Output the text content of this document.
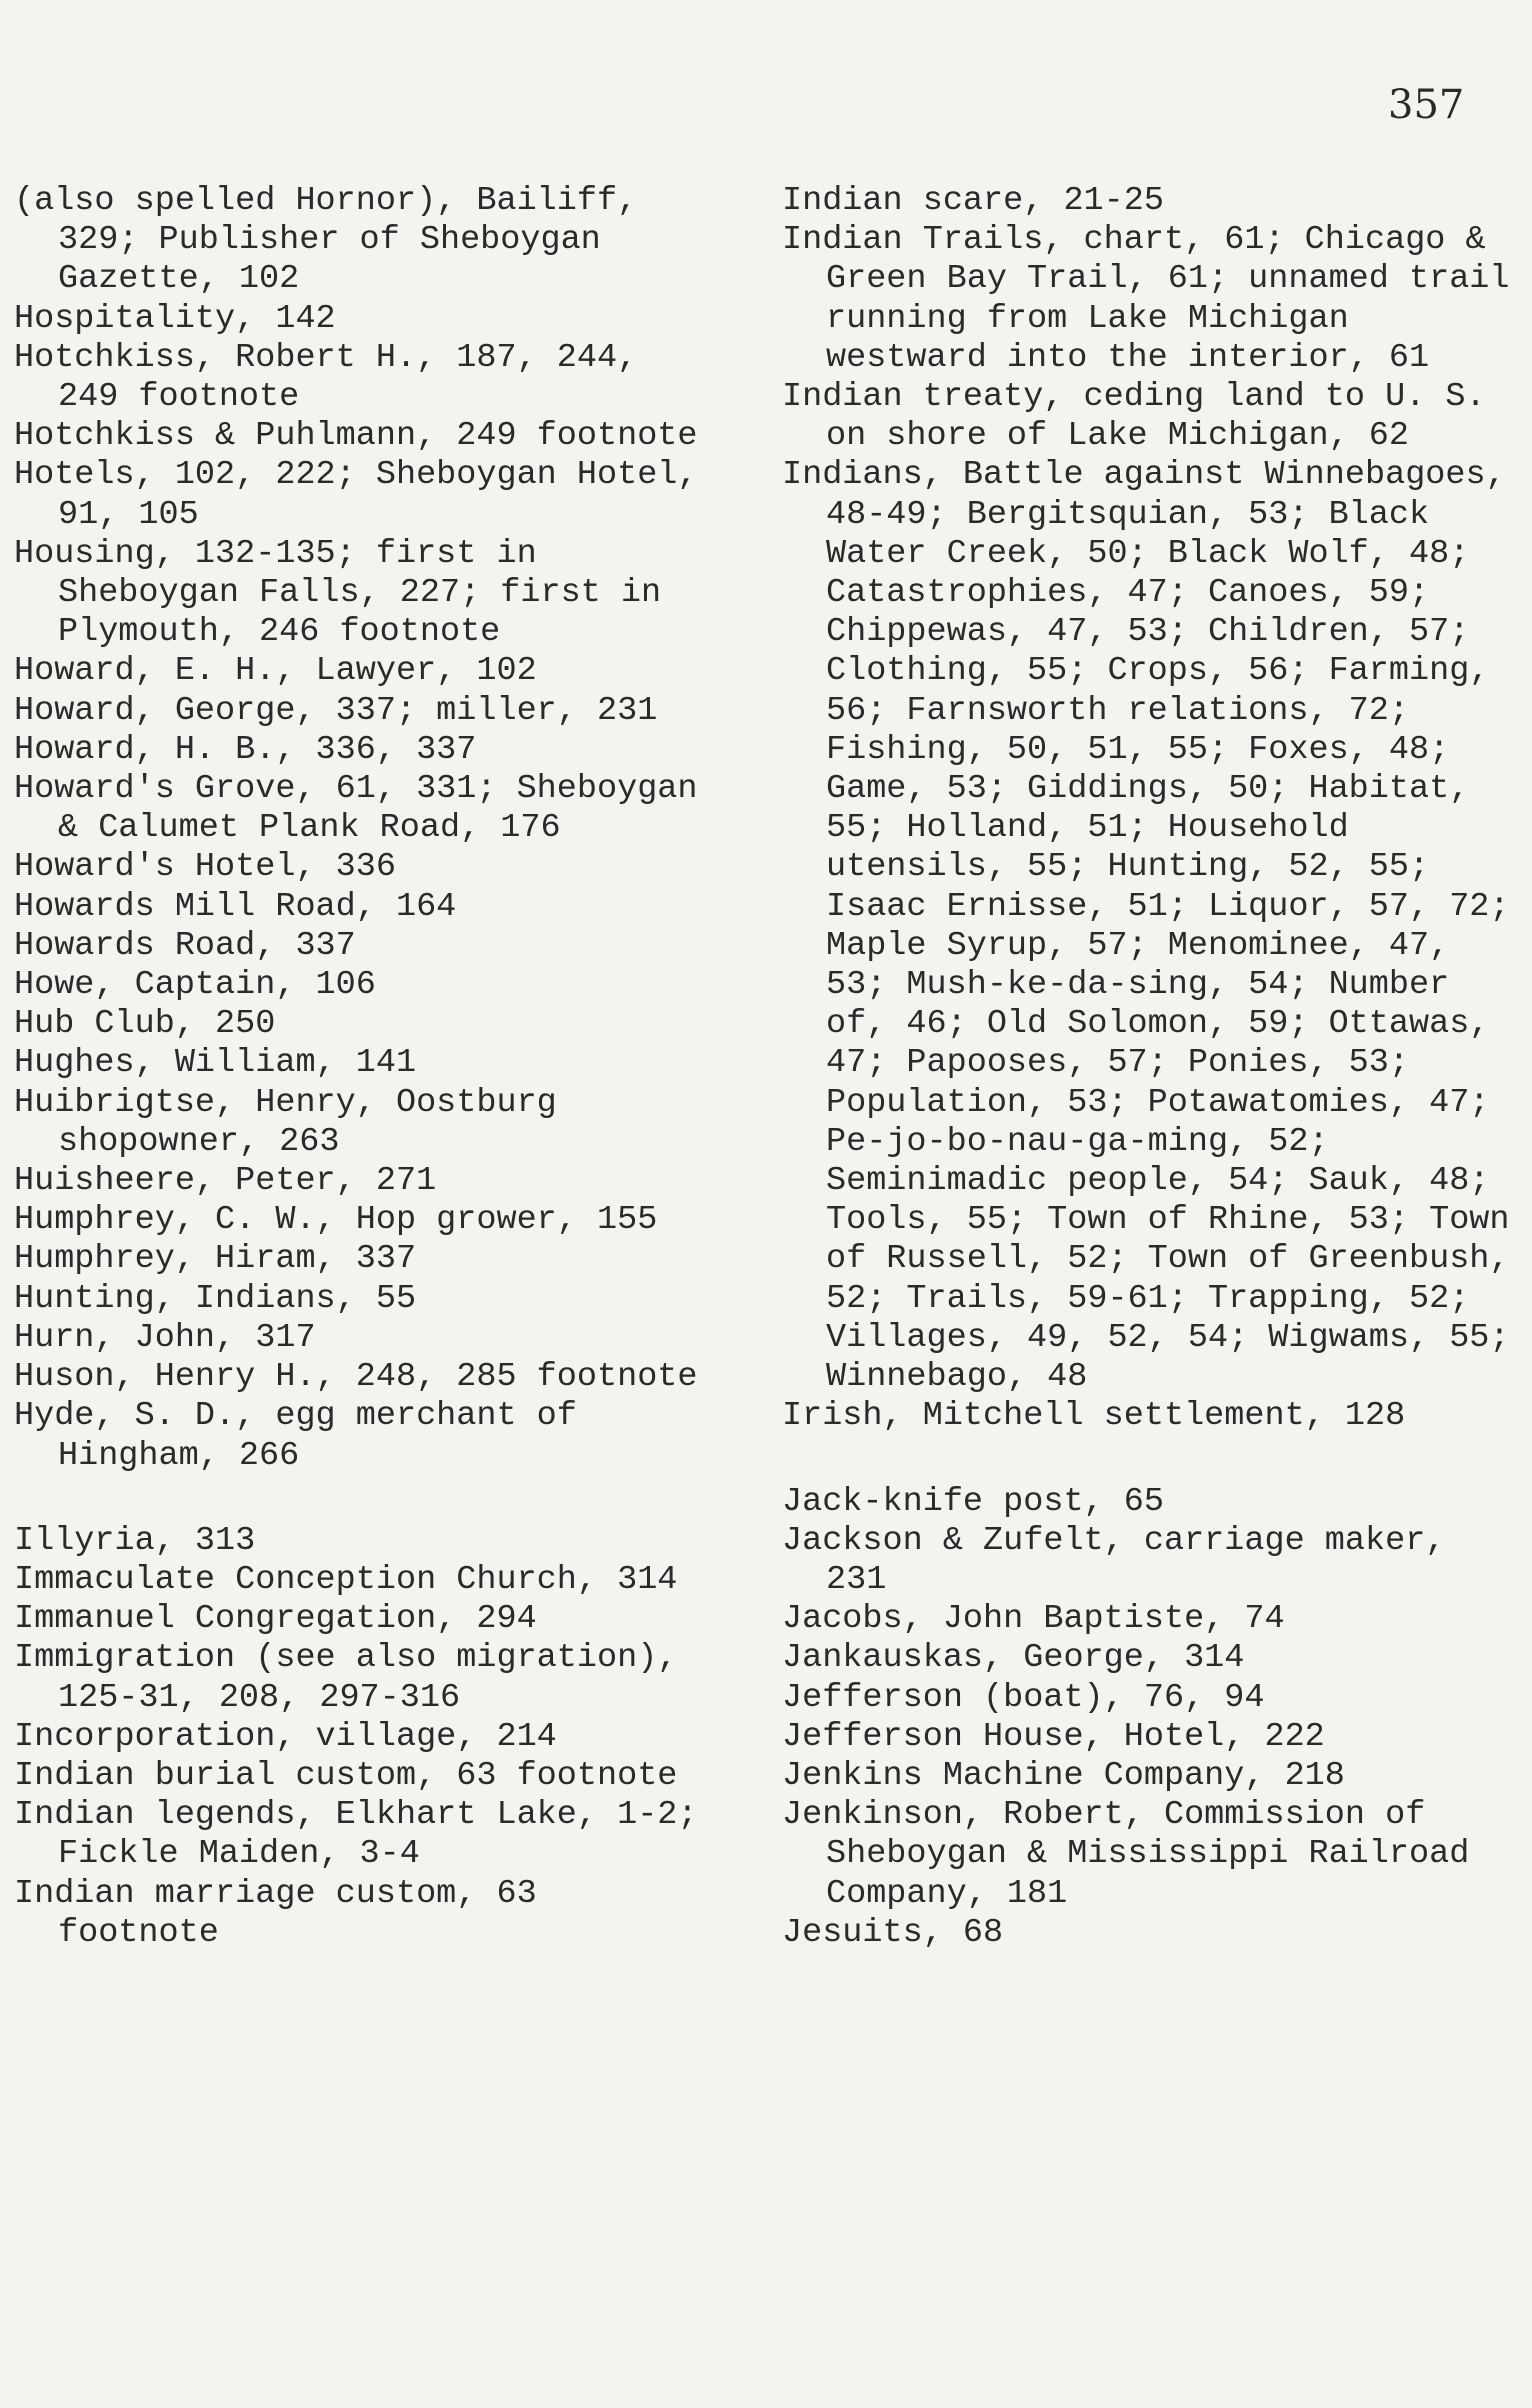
357

(also spelled Hornor), Bailiff, 329; Publisher of Sheboygan Gazette, 102

Hospitality, 142

Hotchkiss, Robert H., 187, 244, 249 footnote

Hotchkiss & Puhlmann, 249 footnote

Hotels, 102, 222; Sheboygan Hotel, 91, 105

Housing, 132-135; first in Sheboygan Falls, 227; first in Plymouth, 246 footnote

Howard, E. H., Lawyer, 102

Howard, George, 337; miller, 231

Howard, H. B., 336, 337

Howard's Grove, 61, 331; Sheboygan & Calumet Plank Road, 176

Howard's Hotel, 336

Howards Mill Road, 164

Howards Road, 337

Howe, Captain, 106

Hub Club, 250

Hughes, William, 141

Huibrigtse, Henry, Oostburg shopowner, 263

Huisheere, Peter, 271

Humphrey, C. W., Hop grower, 155

Humphrey, Hiram, 337

Hunting, Indians, 55

Hurn, John, 317

Huson, Henry H., 248, 285 footnote

Hyde, S. D., egg merchant of Hingham, 266

Illyria, 313

Immaculate Conception Church, 314

Immanuel Congregation, 294

Immigration (see also migration), 125-31, 208, 297-316

Incorporation, village, 214

Indian burial custom, 63 footnote

Indian legends, Elkhart Lake, 1-2; Fickle Maiden, 3-4

Indian marriage custom, 63 footnote

Indian scare, 21-25

Indian Trails, chart, 61; Chicago & Green Bay Trail, 61; unnamed trail running from Lake Michigan westward into the interior, 61

Indian treaty, ceding land to U. S. on shore of Lake Michigan, 62

Indians, Battle against Winnebagoes, 48-49; Bergitsquian, 53; Black Water Creek, 50; Black Wolf, 48; Catastrophies, 47; Canoes, 59; Chippewas, 47, 53; Children, 57; Clothing, 55; Crops, 56; Farming, 56; Farnsworth relations, 72; Fishing, 50, 51, 55; Foxes, 48; Game, 53; Giddings, 50; Habitat, 55; Holland, 51; Household utensils, 55; Hunting, 52, 55; Isaac Ernisse, 51; Liquor, 57, 72; Maple Syrup, 57; Menominee, 47, 53; Mush-ke-da-sing, 54; Number of, 46; Old Solomon, 59; Ottawas, 47; Papooses, 57; Ponies, 53; Population, 53; Potawatomies, 47; Pe-jo-bo-nau-ga-ming, 52; Seminimadic people, 54; Sauk, 48; Tools, 55; Town of Rhine, 53; Town of Russell, 52; Town of Greenbush, 52; Trails, 59-61; Trapping, 52; Villages, 49, 52, 54; Wigwams, 55; Winnebago, 48

Irish, Mitchell settlement, 128

Jack-knife post, 65

Jackson & Zufelt, carriage maker, 231

Jacobs, John Baptiste, 74

Jankauskas, George, 314

Jefferson (boat), 76, 94

Jefferson House, Hotel, 222

Jenkins Machine Company, 218

Jenkinson, Robert, Commission of Sheboygan & Mississippi Railroad Company, 181

Jesuits, 68
